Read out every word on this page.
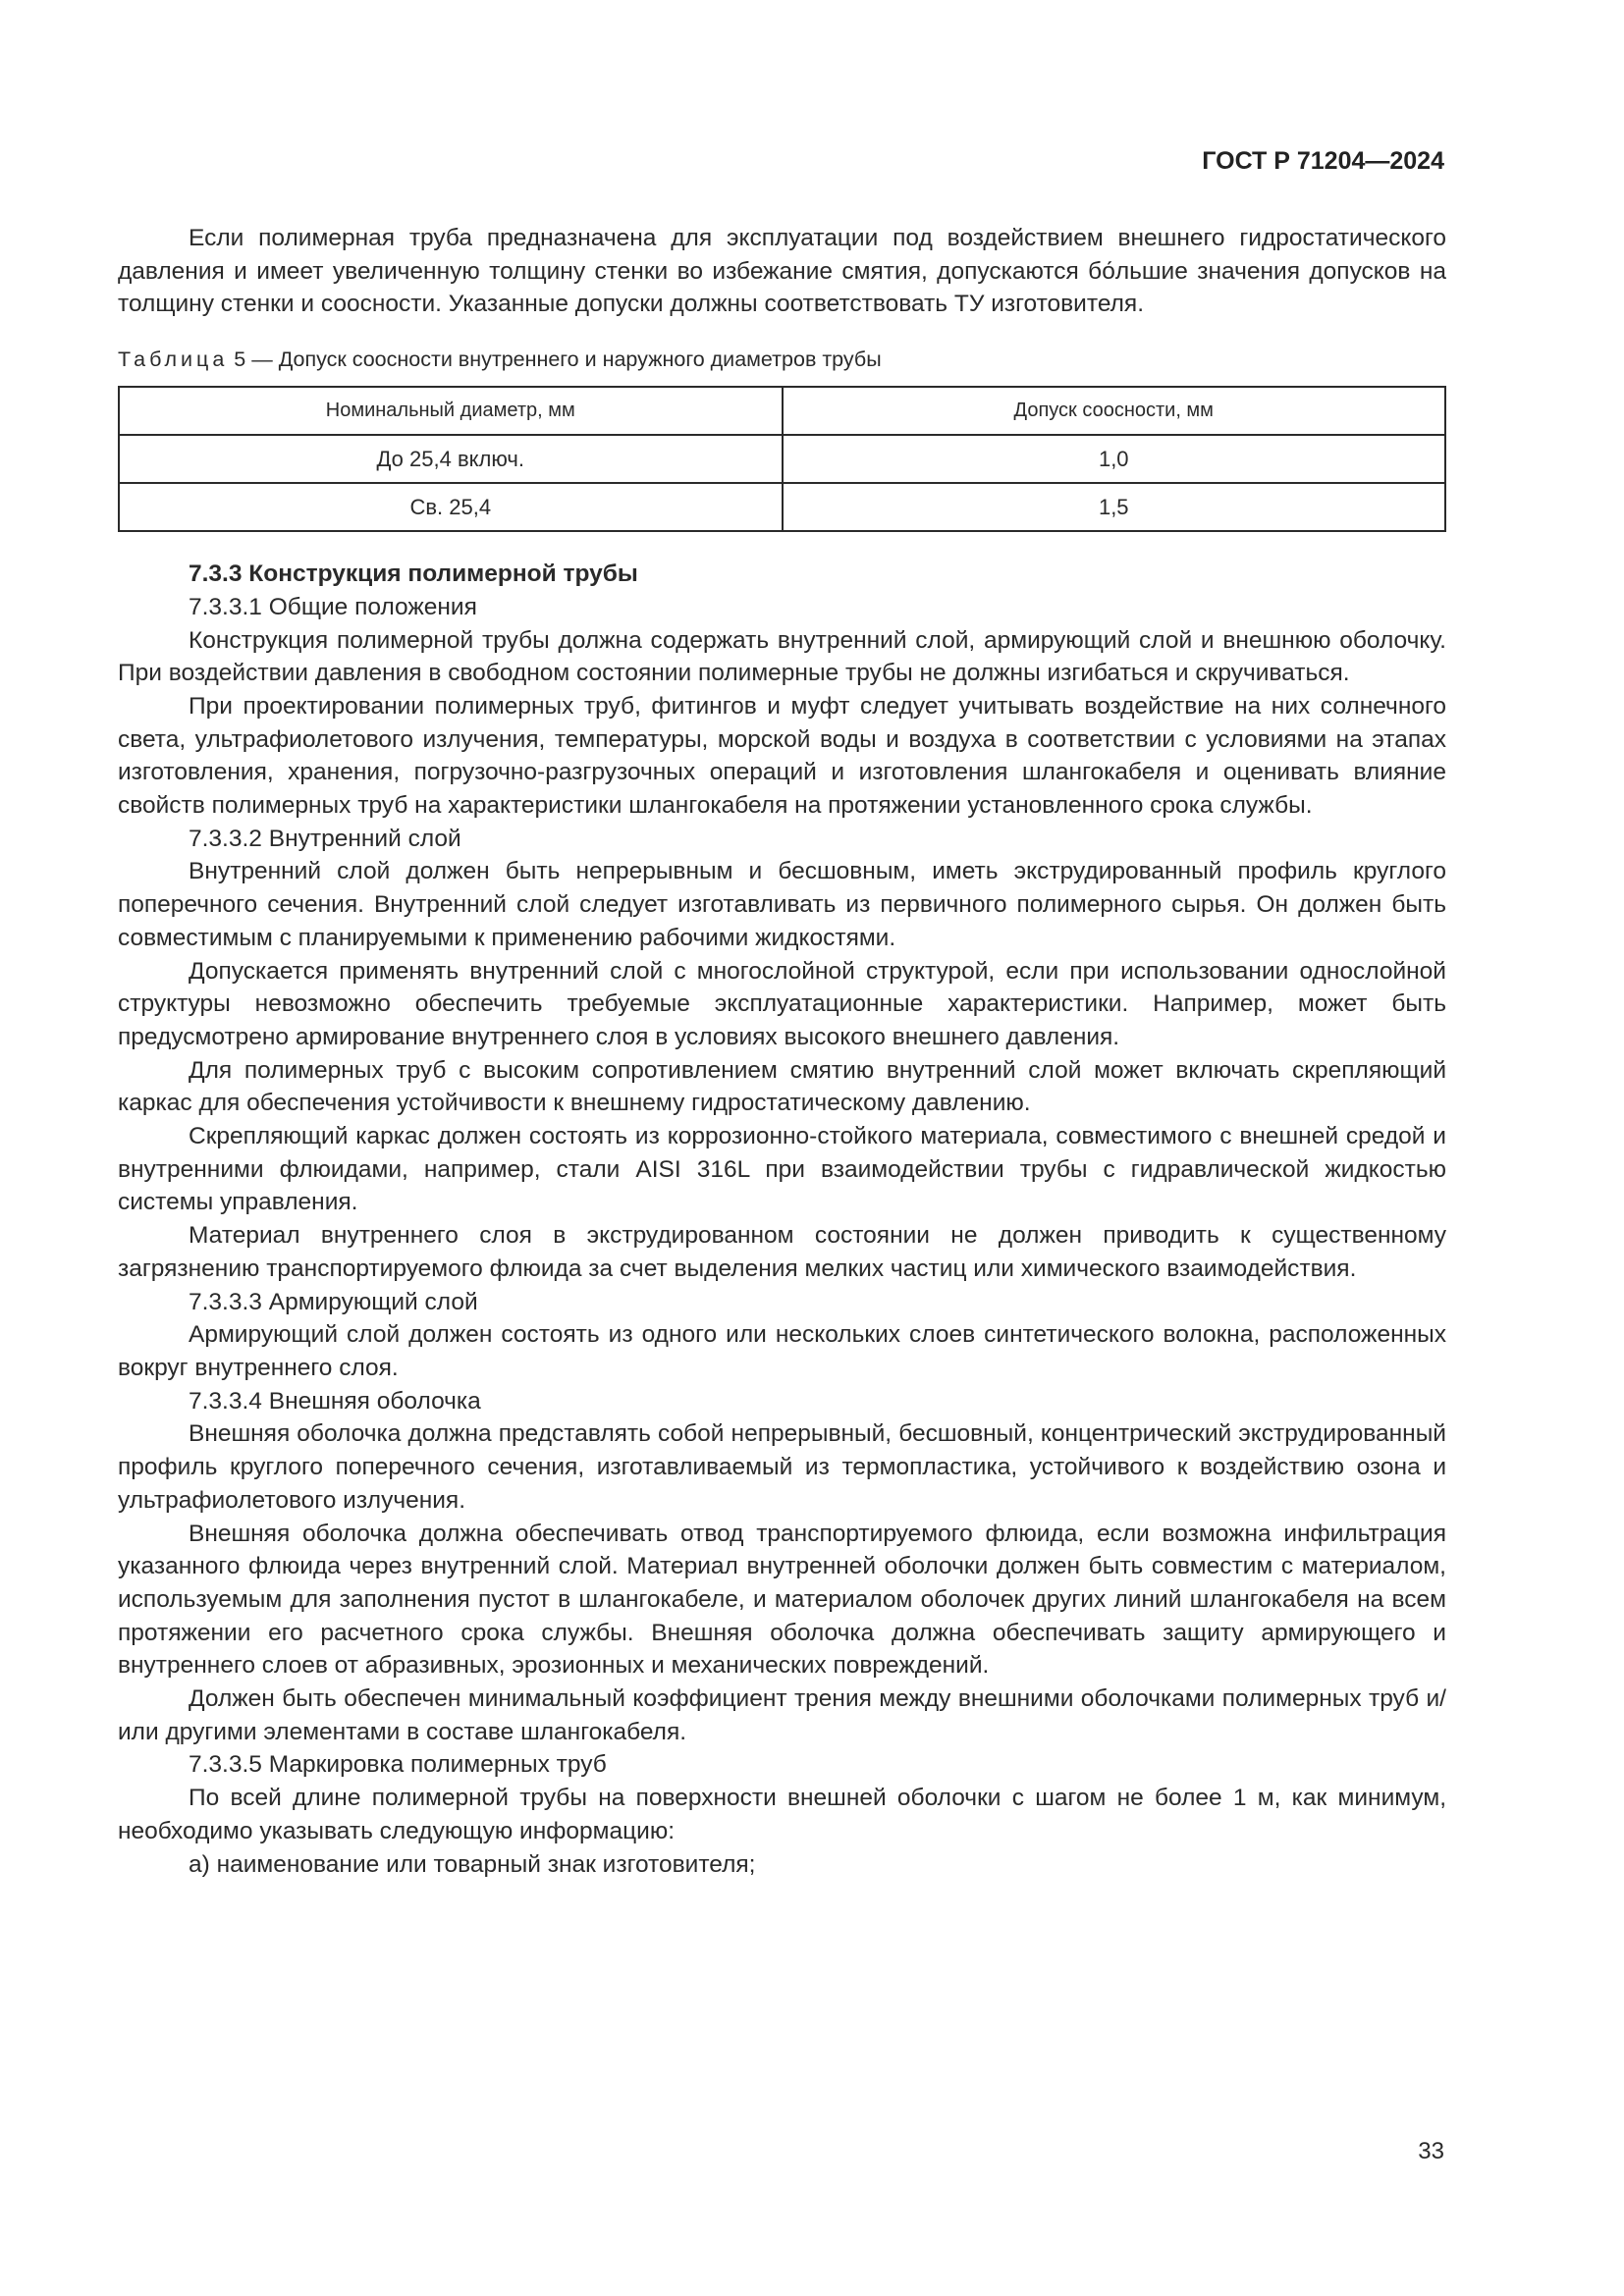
ГОСТ Р 71204—2024

Если полимерная труба предназначена для эксплуатации под воздействием внешнего гидростатического давления и имеет увеличенную толщину стенки во избежание смятия, допускаются бо́льшие значения допусков на толщину стенки и соосности. Указанные допуски должны соответствовать ТУ изготовителя.

Таблица 5 — Допуск соосности внутреннего и наружного диаметров трубы

Номинальный диаметр, мм	Допуск соосности, мм
До 25,4 включ.	1,0
Св. 25,4	1,5

7.3.3 Конструкция полимерной трубы

7.3.3.1 Общие положения

Конструкция полимерной трубы должна содержать внутренний слой, армирующий слой и внешнюю оболочку. При воздействии давления в свободном состоянии полимерные трубы не должны изгибаться и скручиваться.

При проектировании полимерных труб, фитингов и муфт следует учитывать воздействие на них солнечного света, ультрафиолетового излучения, температуры, морской воды и воздуха в соответствии с условиями на этапах изготовления, хранения, погрузочно-разгрузочных операций и изготовления шлангокабеля и оценивать влияние свойств полимерных труб на характеристики шлангокабеля на протяжении установленного срока службы.

7.3.3.2 Внутренний слой

Внутренний слой должен быть непрерывным и бесшовным, иметь экструдированный профиль круглого поперечного сечения. Внутренний слой следует изготавливать из первичного полимерного сырья. Он должен быть совместимым с планируемыми к применению рабочими жидкостями.

Допускается применять внутренний слой с многослойной структурой, если при использовании однослойной структуры невозможно обеспечить требуемые эксплуатационные характеристики. Например, может быть предусмотрено армирование внутреннего слоя в условиях высокого внешнего давления.

Для полимерных труб с высоким сопротивлением смятию внутренний слой может включать скрепляющий каркас для обеспечения устойчивости к внешнему гидростатическому давлению.

Скрепляющий каркас должен состоять из коррозионно-стойкого материала, совместимого с внешней средой и внутренними флюидами, например, стали AISI 316L при взаимодействии трубы с гидравлической жидкостью системы управления.

Материал внутреннего слоя в экструдированном состоянии не должен приводить к существенному загрязнению транспортируемого флюида за счет выделения мелких частиц или химического взаимодействия.

7.3.3.3 Армирующий слой

Армирующий слой должен состоять из одного или нескольких слоев синтетического волокна, расположенных вокруг внутреннего слоя.

7.3.3.4 Внешняя оболочка

Внешняя оболочка должна представлять собой непрерывный, бесшовный, концентрический экструдированный профиль круглого поперечного сечения, изготавливаемый из термопластика, устойчивого к воздействию озона и ультрафиолетового излучения.

Внешняя оболочка должна обеспечивать отвод транспортируемого флюида, если возможна инфильтрация указанного флюида через внутренний слой. Материал внутренней оболочки должен быть совместим с материалом, используемым для заполнения пустот в шлангокабеле, и материалом оболочек других линий шлангокабеля на всем протяжении его расчетного срока службы. Внешняя оболочка должна обеспечивать защиту армирующего и внутреннего слоев от абразивных, эрозионных и механических повреждений.

Должен быть обеспечен минимальный коэффициент трения между внешними оболочками полимерных труб и/или другими элементами в составе шлангокабеля.

7.3.3.5 Маркировка полимерных труб

По всей длине полимерной трубы на поверхности внешней оболочки с шагом не более 1 м, как минимум, необходимо указывать следующую информацию:

а) наименование или товарный знак изготовителя;

33
